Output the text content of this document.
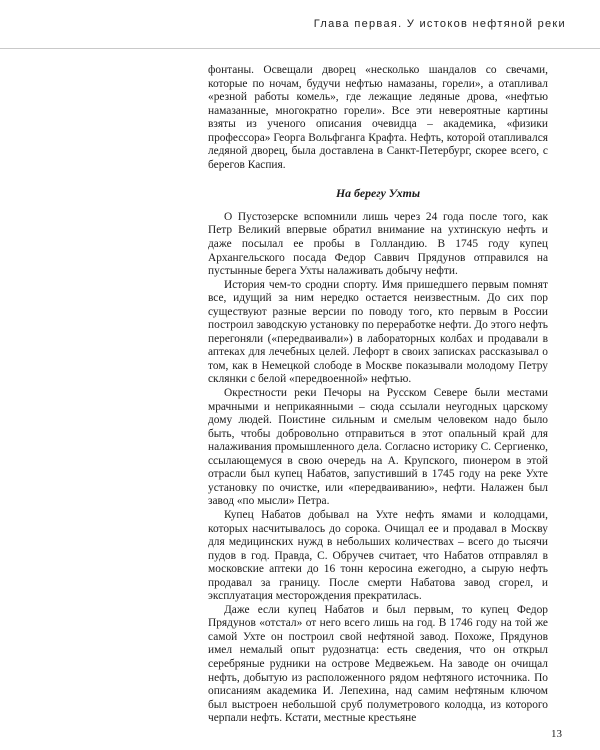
Глава первая. У истоков нефтяной реки

фонтаны. Освещали дворец «несколько шандалов со свечами, которые по ночам, будучи нефтью намазаны, горели», а отапливал «резной работы комель», где лежащие ледяные дрова, «нефтью намазанные, многократно горели». Все эти невероятные картины взяты из ученого описания очевидца – академика, «физики профессора» Георга Вольфганга Крафта. Нефть, которой отапливался ледяной дворец, была доставлена в Санкт-Петербург, скорее всего, с берегов Каспия.

На берегу Ухты

О Пустозерске вспомнили лишь через 24 года после того, как Петр Великий впервые обратил внимание на ухтинскую нефть и даже посылал ее пробы в Голландию. В 1745 году купец Архангельского посада Федор Саввич Прядунов отправился на пустынные берега Ухты налаживать добычу нефти.

История чем-то сродни спорту. Имя пришедшего первым помнят все, идущий за ним нередко остается неизвестным. До сих пор существуют разные версии по поводу того, кто первым в России построил заводскую установку по переработке нефти. До этого нефть перегоняли («передваивали») в лабораторных колбах и продавали в аптеках для лечебных целей. Лефорт в своих записках рассказывал о том, как в Немецкой слободе в Москве показывали молодому Петру склянки с белой «передвоенной» нефтью.

Окрестности реки Печоры на Русском Севере были местами мрачными и неприкаянными – сюда ссылали неугодных царскому дому людей. Поистине сильным и смелым человеком надо было быть, чтобы добровольно отправиться в этот опальный край для налаживания промышленного дела. Согласно историку С. Сергиенко, ссылающемуся в свою очередь на А. Крупского, пионером в этой отрасли был купец Набатов, запустивший в 1745 году на реке Ухте установку по очистке, или «передваиванию», нефти. Налажен был завод «по мысли» Петра.

Купец Набатов добывал на Ухте нефть ямами и колодцами, которых насчитывалось до сорока. Очищал ее и продавал в Москву для медицинских нужд в небольших количествах – всего до тысячи пудов в год. Правда, С. Обручев считает, что Набатов отправлял в московские аптеки до 16 тонн керосина ежегодно, а сырую нефть продавал за границу. После смерти Набатова завод сгорел, и эксплуатация месторождения прекратилась.

Даже если купец Набатов и был первым, то купец Федор Прядунов «отстал» от него всего лишь на год. В 1746 году на той же самой Ухте он построил свой нефтяной завод. Похоже, Прядунов имел немалый опыт рудознатца: есть сведения, что он открыл серебряные рудники на острове Медвежьем. На заводе он очищал нефть, добытую из расположенного рядом нефтяного источника. По описаниям академика И. Лепехина, над самим нефтяным ключом был выстроен небольшой сруб полуметрового колодца, из которого черпали нефть. Кстати, местные крестьяне

13
